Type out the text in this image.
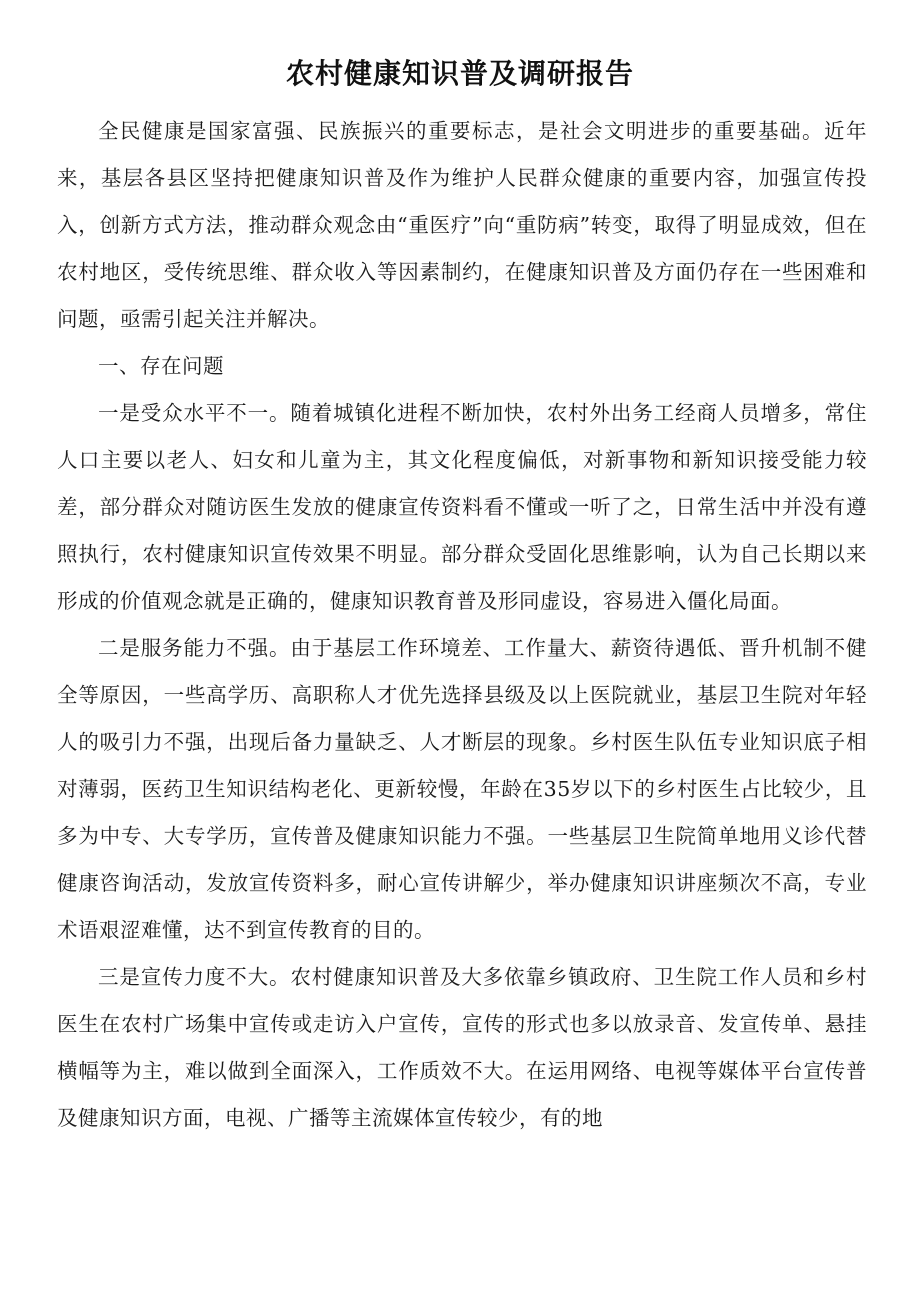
农村健康知识普及调研报告

全民健康是国家富强、民族振兴的重要标志，是社会文明进步的重要基础。近年来，基层各县区坚持把健康知识普及作为维护人民群众健康的重要内容，加强宣传投入，创新方式方法，推动群众观念由“重医疗”向“重防病”转变，取得了明显成效，但在农村地区，受传统思维、群众收入等因素制约，在健康知识普及方面仍存在一些困难和问题，亟需引起关注并解决。

一、存在问题

一是受众水平不一。随着城镇化进程不断加快，农村外出务工经商人员增多，常住人口主要以老人、妇女和儿童为主，其文化程度偏低，对新事物和新知识接受能力较差，部分群众对随访医生发放的健康宣传资料看不懂或一听了之，日常生活中并没有遵照执行，农村健康知识宣传效果不明显。部分群众受固化思维影响，认为自己长期以来形成的价值观念就是正确的，健康知识教育普及形同虚设，容易进入僵化局面。

二是服务能力不强。由于基层工作环境差、工作量大、薪资待遇低、晋升机制不健全等原因，一些高学历、高职称人才优先选择县级及以上医院就业，基层卫生院对年轻人的吸引力不强，出现后备力量缺乏、人才断层的现象。乡村医生队伍专业知识底子相对薄弱，医药卫生知识结构老化、更新较慢，年龄在35岁以下的乡村医生占比较少，且多为中专、大专学历，宣传普及健康知识能力不强。一些基层卫生院简单地用义诊代替健康咨询活动，发放宣传资料多，耐心宣传讲解少，举办健康知识讲座频次不高，专业术语艰涩难懂，达不到宣传教育的目的。

三是宣传力度不大。农村健康知识普及大多依靠乡镇政府、卫生院工作人员和乡村医生在农村广场集中宣传或走访入户宣传，宣传的形式也多以放录音、发宣传单、悬挂横幅等为主，难以做到全面深入，工作质效不大。在运用网络、电视等媒体平台宣传普及健康知识方面，电视、广播等主流媒体宣传较少，有的地
